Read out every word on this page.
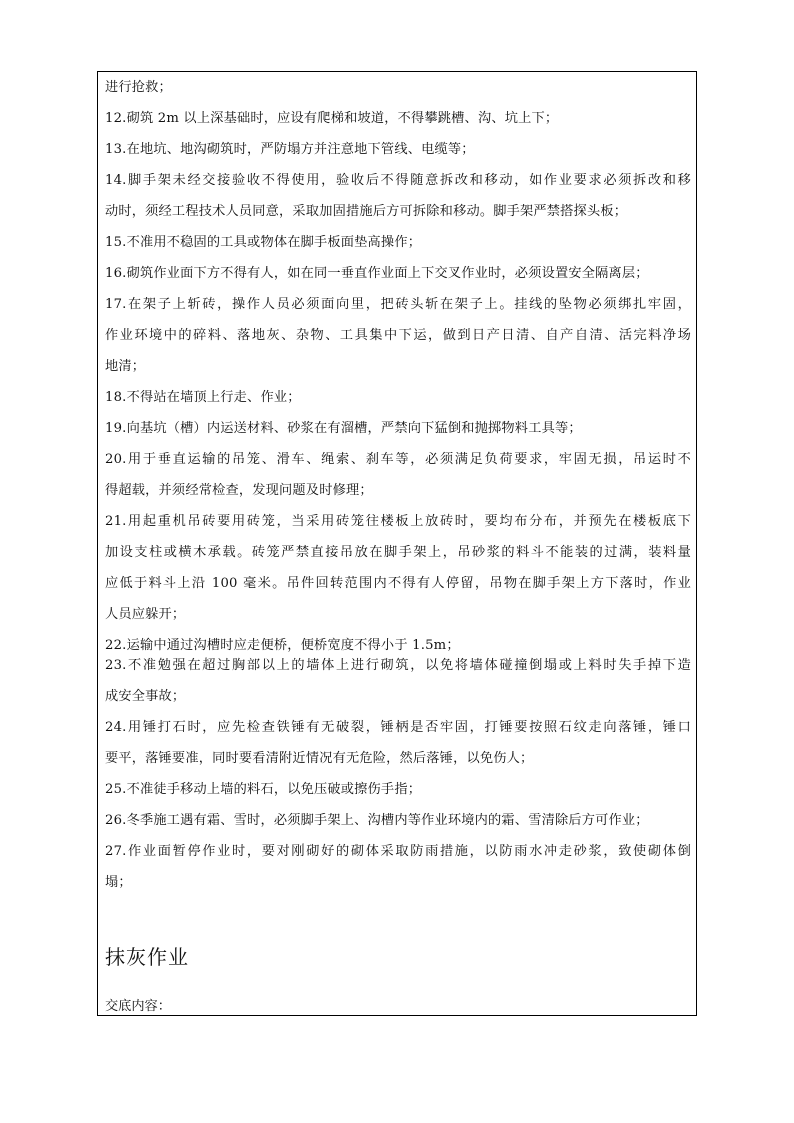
进行抢救；
12.砌筑 2m 以上深基础时，应设有爬梯和坡道，不得攀跳槽、沟、坑上下；
13.在地坑、地沟砌筑时，严防塌方并注意地下管线、电缆等；
14.脚手架未经交接验收不得使用，验收后不得随意拆改和移动，如作业要求必须拆改和移
动时，须经工程技术人员同意，采取加固措施后方可拆除和移动。脚手架严禁搭探头板；
15.不准用不稳固的工具或物体在脚手板面垫高操作；
16.砌筑作业面下方不得有人，如在同一垂直作业面上下交叉作业时，必须设置安全隔离层；
17.在架子上斩砖，操作人员必须面向里，把砖头斩在架子上。挂线的坠物必须绑扎牢固，
作业环境中的碎料、落地灰、杂物、工具集中下运，做到日产日清、自产自清、活完料净场
地清；
18.不得站在墙顶上行走、作业；
19.向基坑（槽）内运送材料、砂浆在有溜槽，严禁向下猛倒和抛掷物料工具等；
20.用于垂直运输的吊笼、滑车、绳索、刹车等，必须满足负荷要求，牢固无损，吊运时不
得超载，并须经常检查，发现问题及时修理；
21.用起重机吊砖要用砖笼，当采用砖笼往楼板上放砖时，要均布分布，并预先在楼板底下
加设支柱或横木承载。砖笼严禁直接吊放在脚手架上，吊砂浆的料斗不能装的过满，装料量
应低于料斗上沿 100 毫米。吊件回转范围内不得有人停留，吊物在脚手架上方下落时，作业
人员应躲开；
22.运输中通过沟槽时应走便桥，便桥宽度不得小于 1.5m；
23.不准勉强在超过胸部以上的墙体上进行砌筑，以免将墙体碰撞倒塌或上料时失手掉下造
成安全事故；
24.用锤打石时，应先检查铁锤有无破裂，锤柄是否牢固，打锤要按照石纹走向落锤，锤口
要平，落锤要准，同时要看清附近情况有无危险，然后落锤，以免伤人；
25.不准徒手移动上墙的料石，以免压破或擦伤手指；
26.冬季施工遇有霜、雪时，必须脚手架上、沟槽内等作业环境内的霜、雪清除后方可作业；
27.作业面暂停作业时，要对刚砌好的砌体采取防雨措施，以防雨水冲走砂浆，致使砌体倒
塌；
抹灰作业
交底内容：
